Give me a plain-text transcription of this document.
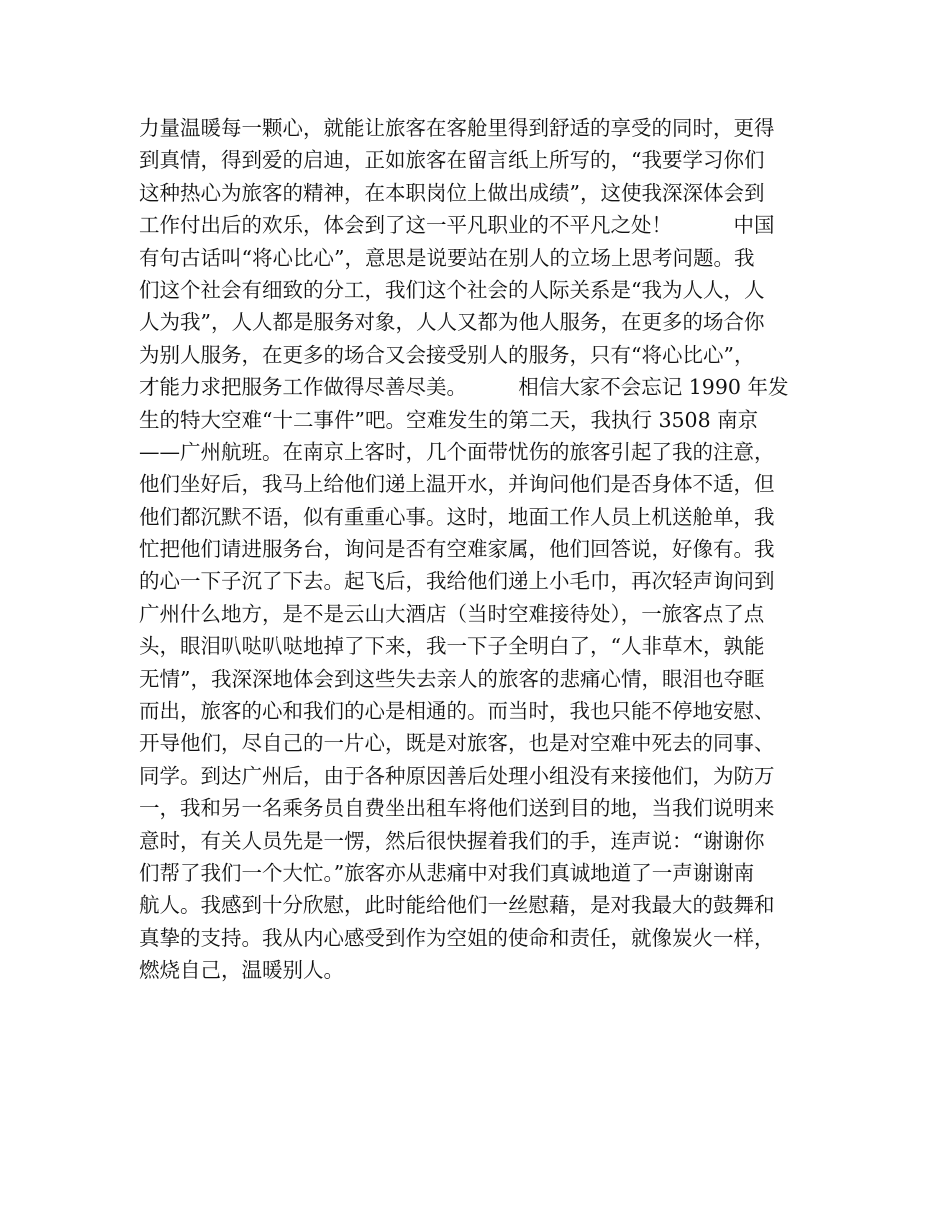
力量温暖每一颗心，就能让旅客在客舱里得到舒适的享受的同时，更得
到真情，得到爱的启迪，正如旅客在留言纸上所写的，“我要学习你们
这种热心为旅客的精神，在本职岗位上做出成绩”，这使我深深体会到
工作付出后的欢乐，体会到了这一平凡职业的不平凡之处！　　　中国
有句古话叫“将心比心”，意思是说要站在别人的立场上思考问题。我
们这个社会有细致的分工，我们这个社会的人际关系是“我为人人，人
人为我”，人人都是服务对象，人人又都为他人服务，在更多的场合你
为别人服务，在更多的场合又会接受别人的服务，只有“将心比心”，
才能力求把服务工作做得尽善尽美。　　　相信大家不会忘记 1990 年发
生的特大空难“十二事件”吧。空难发生的第二天，我执行 3508 南京
——广州航班。在南京上客时，几个面带忧伤的旅客引起了我的注意，
他们坐好后，我马上给他们递上温开水，并询问他们是否身体不适，但
他们都沉默不语，似有重重心事。这时，地面工作人员上机送舱单，我
忙把他们请进服务台，询问是否有空难家属，他们回答说，好像有。我
的心一下子沉了下去。起飞后，我给他们递上小毛巾，再次轻声询问到
广州什么地方，是不是云山大酒店（当时空难接待处），一旅客点了点
头，眼泪叭哒叭哒地掉了下来，我一下子全明白了，“人非草木，孰能
无情”，我深深地体会到这些失去亲人的旅客的悲痛心情，眼泪也夺眶
而出，旅客的心和我们的心是相通的。而当时，我也只能不停地安慰、
开导他们，尽自己的一片心，既是对旅客，也是对空难中死去的同事、
同学。到达广州后，由于各种原因善后处理小组没有来接他们，为防万
一，我和另一名乘务员自费坐出租车将他们送到目的地，当我们说明来
意时，有关人员先是一愣，然后很快握着我们的手，连声说：“谢谢你
们帮了我们一个大忙。”旅客亦从悲痛中对我们真诚地道了一声谢谢南
航人。我感到十分欣慰，此时能给他们一丝慰藉，是对我最大的鼓舞和
真挚的支持。我从内心感受到作为空姐的使命和责任，就像炭火一样，
燃烧自己，温暖别人。
